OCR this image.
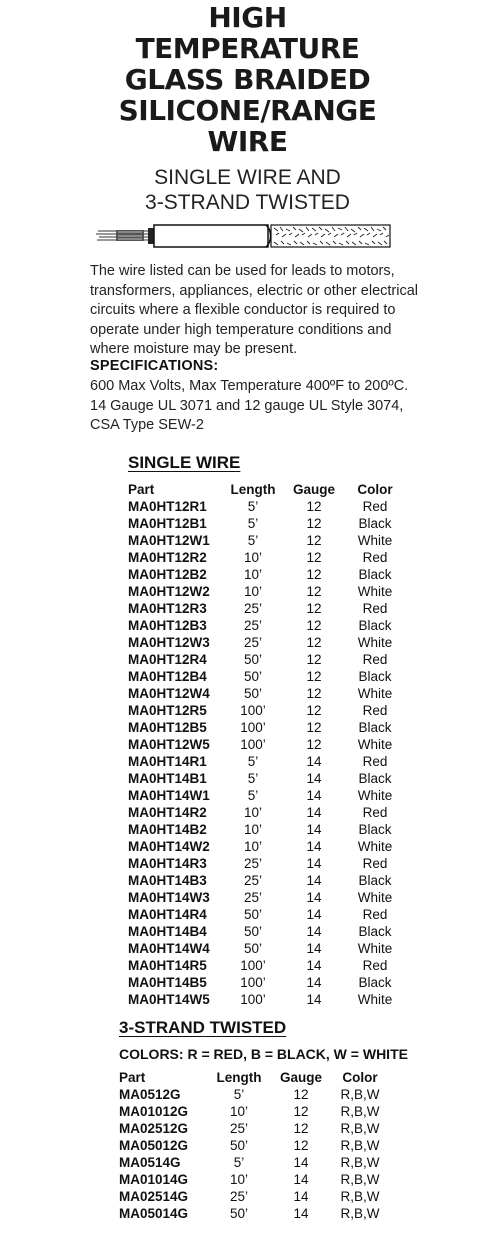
HIGH
TEMPERATURE
GLASS BRAIDED
SILICONE/RANGE
WIRE
SINGLE WIRE AND
3-STRAND TWISTED
The wire listed can be used for leads to motors, transformers, appliances, electric or other electrical circuits where a flexible conductor is required to operate under high temperature conditions and where moisture may be present.
SPECIFICATIONS:
600 Max Volts, Max Temperature 400ºF to 200ºC. 14 Gauge UL 3071 and 12 gauge UL Style 3074, CSA Type SEW-2
SINGLE WIRE
Part	Length	Gauge	Color
MA0HT12R1	5’	12	Red
MA0HT12B1	5’	12	Black
MA0HT12W1	5’	12	White
MA0HT12R2	10’	12	Red
MA0HT12B2	10’	12	Black
MA0HT12W2	10’	12	White
MA0HT12R3	25’	12	Red
MA0HT12B3	25’	12	Black
MA0HT12W3	25’	12	White
MA0HT12R4	50’	12	Red
MA0HT12B4	50’	12	Black
MA0HT12W4	50’	12	White
MA0HT12R5	100’	12	Red
MA0HT12B5	100’	12	Black
MA0HT12W5	100’	12	White
MA0HT14R1	5’	14	Red
MA0HT14B1	5’	14	Black
MA0HT14W1	5’	14	White
MA0HT14R2	10’	14	Red
MA0HT14B2	10’	14	Black
MA0HT14W2	10’	14	White
MA0HT14R3	25’	14	Red
MA0HT14B3	25’	14	Black
MA0HT14W3	25’	14	White
MA0HT14R4	50’	14	Red
MA0HT14B4	50’	14	Black
MA0HT14W4	50’	14	White
MA0HT14R5	100’	14	Red
MA0HT14B5	100’	14	Black
MA0HT14W5	100’	14	White
3-STRAND TWISTED
COLORS: R = RED, B = BLACK, W = WHITE
Part	Length	Gauge	Color
MA0512G	5’	12	R,B,W
MA01012G	10’	12	R,B,W
MA02512G	25’	12	R,B,W
MA05012G	50’	12	R,B,W
MA0514G	5’	14	R,B,W
MA01014G	10’	14	R,B,W
MA02514G	25’	14	R,B,W
MA05014G	50’	14	R,B,W
